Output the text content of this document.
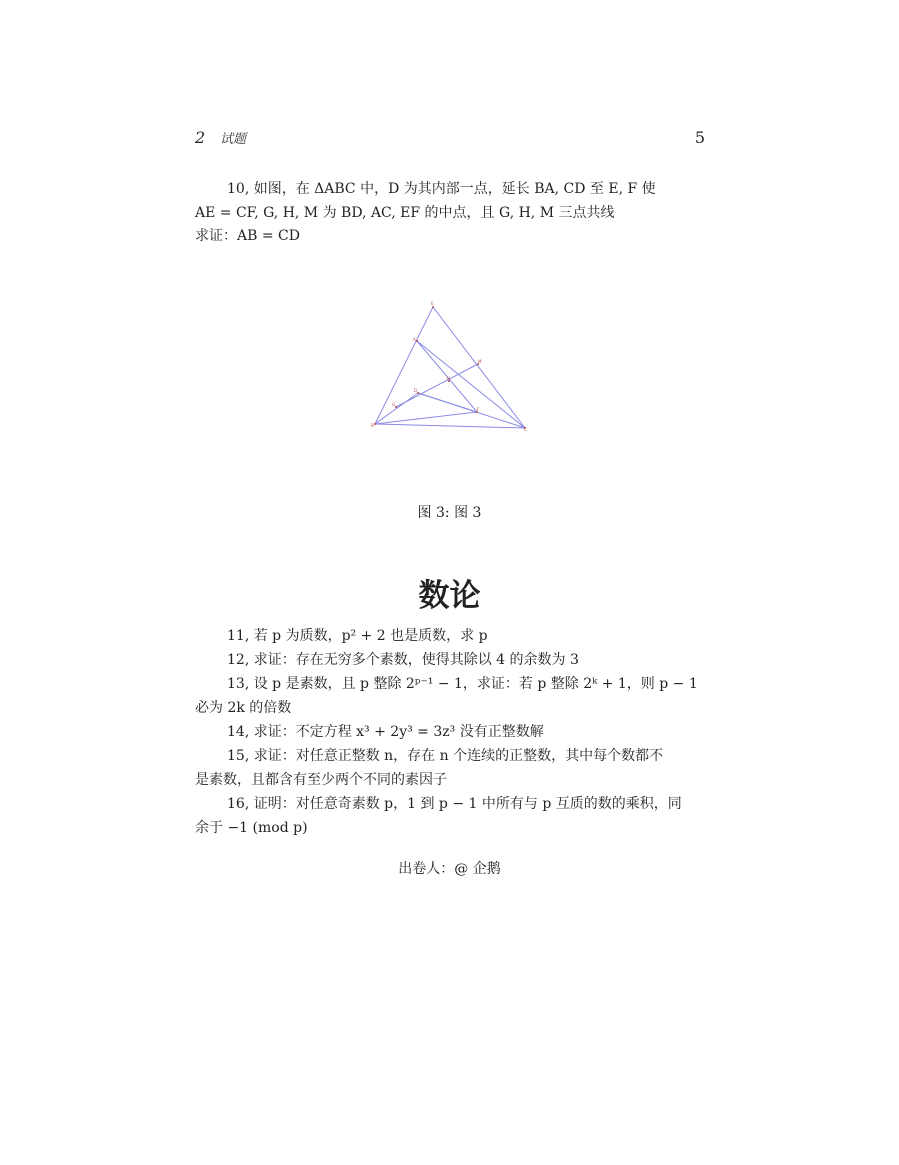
2 试题	5
10, 如图，在 ΔABC 中，D 为其内部一点，延长 BA, CD 至 E, F 使
AE = CF, G, H, M 为 BD, AC, EF 的中点，且 G, H, M 三点共线
求证：AB = CD
E
A
M
H
D
G
F
B
C
图 3: 图 3
数论
11, 若 p 为质数，p² + 2 也是质数，求 p
12, 求证：存在无穷多个素数，使得其除以 4 的余数为 3
13, 设 p 是素数，且 p 整除 2ᵖ⁻¹ − 1，求证：若 p 整除 2ᵏ + 1，则 p − 1
必为 2k 的倍数
14, 求证：不定方程 x³ + 2y³ = 3z³ 没有正整数解
15, 求证：对任意正整数 n，存在 n 个连续的正整数，其中每个数都不
是素数，且都含有至少两个不同的素因子
16, 证明：对任意奇素数 p，1 到 p − 1 中所有与 p 互质的数的乘积，同
余于 −1 (mod p)
出卷人：@ 企鹅
